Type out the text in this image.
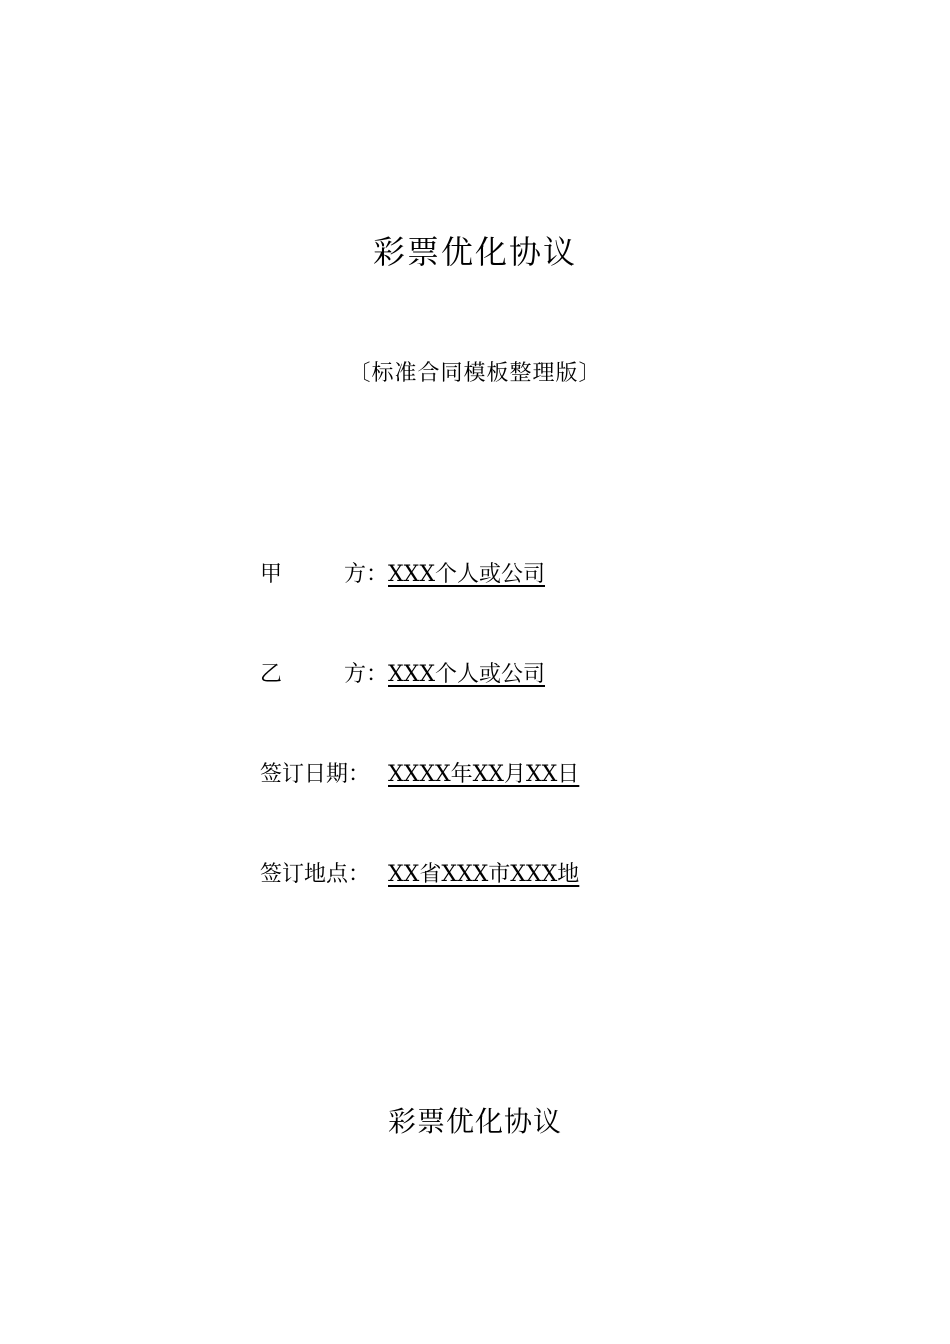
彩票优化协议
〔标准合同模板整理版〕
甲	方： XXX个人或公司
乙	方： XXX个人或公司
签订日期：XXXX年XX月XX日
签订地点： XX省XXX市XXX地
彩票优化协议
